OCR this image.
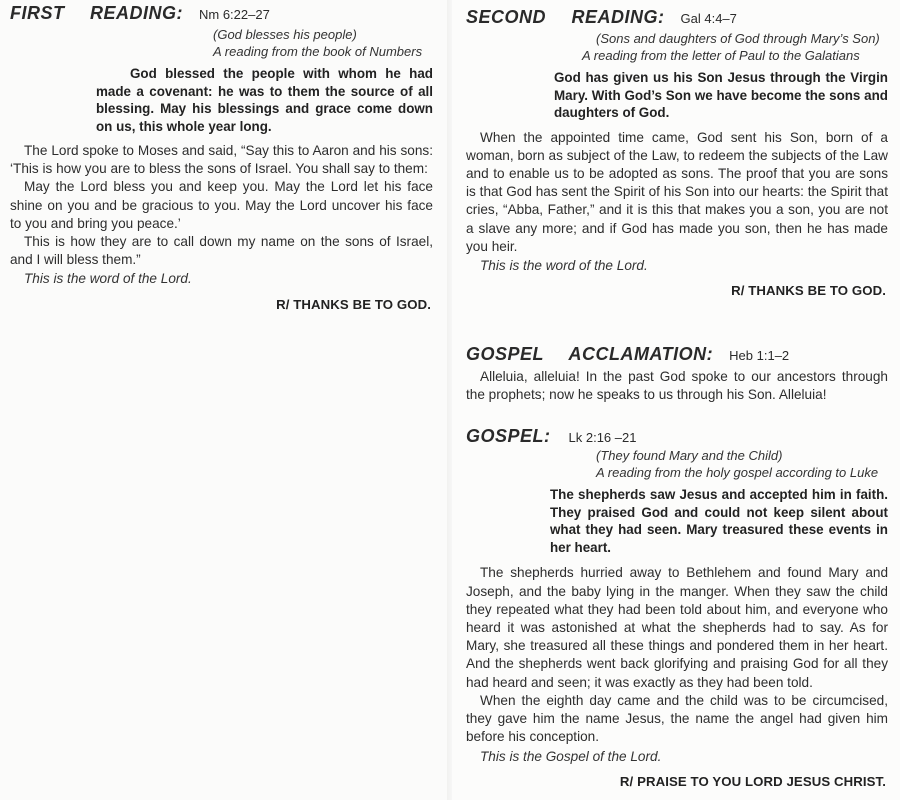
FIRST READING: Nm 6:22–27
(God blesses his people)
A reading from the book of Numbers
God blessed the people with whom he had made a covenant: he was to them the source of all blessing. May his blessings and grace come down on us, this whole year long.
The Lord spoke to Moses and said, “Say this to Aaron and his sons: ‘This is how you are to bless the sons of Israel. You shall say to them:
May the Lord bless you and keep you. May the Lord let his face shine on you and be gracious to you. May the Lord uncover his face to you and bring you peace.’
This is how they are to call down my name on the sons of Israel, and I will bless them.”
This is the word of the Lord.
R/ THANKS BE TO GOD.
SECOND READING: Gal 4:4–7
(Sons and daughters of God through Mary’s Son)
A reading from the letter of Paul to the Galatians
God has given us his Son Jesus through the Virgin Mary. With God’s Son we have become the sons and daughters of God.
When the appointed time came, God sent his Son, born of a woman, born as subject of the Law, to redeem the subjects of the Law and to enable us to be adopted as sons. The proof that you are sons is that God has sent the Spirit of his Son into our hearts: the Spirit that cries, “Abba, Father,” and it is this that makes you a son, you are not a slave any more; and if God has made you son, then he has made you heir.
This is the word of the Lord.
R/ THANKS BE TO GOD.
GOSPEL ACCLAMATION: Heb 1:1–2
Alleluia, alleluia! In the past God spoke to our ancestors through the prophets; now he speaks to us through his Son. Alleluia!
GOSPEL: Lk 2:16 –21
(They found Mary and the Child)
A reading from the holy gospel according to Luke
The shepherds saw Jesus and accepted him in faith. They praised God and could not keep silent about what they had seen. Mary treasured these events in her heart.
The shepherds hurried away to Bethlehem and found Mary and Joseph, and the baby lying in the manger. When they saw the child they repeated what they had been told about him, and everyone who heard it was astonished at what the shepherds had to say. As for Mary, she treasured all these things and pondered them in her heart. And the shepherds went back glorifying and praising God for all they had heard and seen; it was exactly as they had been told.
When the eighth day came and the child was to be circumcised, they gave him the name Jesus, the name the angel had given him before his conception.
This is the Gospel of the Lord.
R/ PRAISE TO YOU LORD JESUS CHRIST.
